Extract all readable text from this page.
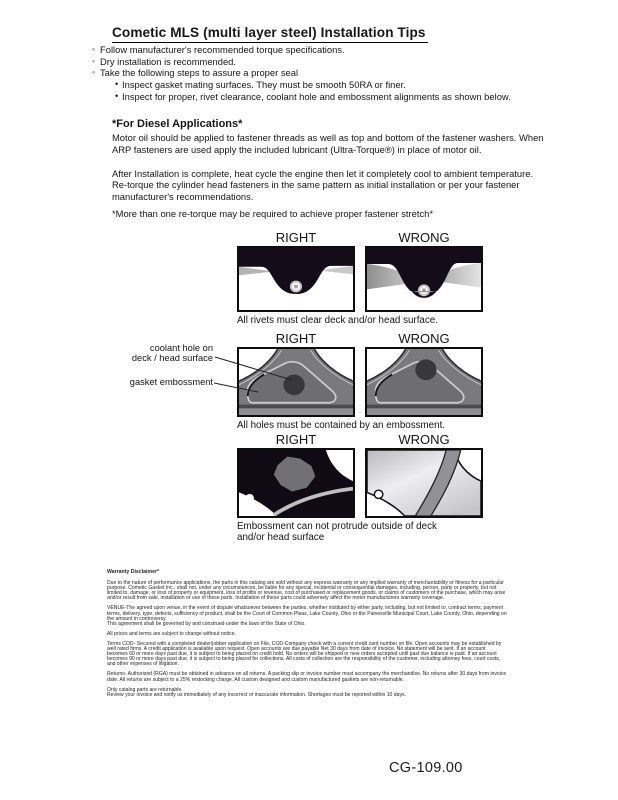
Cometic MLS (multi layer steel) Installation Tips
◦ Follow manufacturer's recommended torque specifications.
◦ Dry installation is recommended.
◦ Take the following steps to assure a proper seal
• Inspect gasket mating surfaces. They must be smooth 50RA or finer.
• Inspect for proper, rivet clearance, coolant hole and embossment alignments as shown below.
*For Diesel Applications*

Motor oil should be applied to fastener threads as well as top and bottom of the fastener washers. When ARP fasteners are used apply the included lubricant (Ultra-Torque®) in place of motor oil.

After Installation is complete, heat cycle the engine then let it completely cool to ambient temperature. Re-torque the cylinder head fasteners in the same pattern as initial installation or per your fastener manufacturer's recommendations.

*More than one re-torque may be required to achieve proper fastener stretch*
RIGHT	WRONG
All rivets must clear deck and/or head surface.
RIGHT	WRONG
All holes must be contained by an embossment.
coolant hole on
deck / head surface
gasket embossment
RIGHT	WRONG
Embossment can not protrude outside of deck and/or head surface
Warranty Disclaimer*

Due to the nature of performance applications, the parts in this catalog are sold without any express warranty or any implied warranty of merchantability or fitness for a particular purpose. Cometic Gasket Inc., shall not, under any circumstances, be liable for any special, incidental or consequential damages, including, person, party or property, but not limited to, damage, or loss of property or equipment, loss of profits or revenue, cost of purchased or replacement goods, or claims of customers of the purchase, which may arise and/or result from sale, installation or use of these parts. Installation of these parts could adversely affect the motor manufacturers warranty coverage.

VENUE-The agreed upon venue, in the event of dispute whatsoever between the parties, whether instituted by either party, including, but not limited to, contract terms, payment terms, delivery, type, defects, sufficiency of product, shall be the Court of Common Pleas, Lake County, Ohio or the Painesville Municipal Court, Lake County, Ohio, depending on the amount in controversy.

This agreement shall be governed by and construed under the laws of the State of Ohio.

All prices and terms are subject to change without notice.

Terms COD- Secured with a completed dealer/jobber application on File, COD-Company check with a current credit card number on file. Open accounts may be established by well rated firms. A credit application is available upon request. Open accounts are due payable Net 30 days from date of invoice. No statement will be sent. If an account becomes 60 or more days past due, it is subject to being placed on credit hold. No orders will be shipped or new orders accepted until past due balance is paid. If an account becomes 90 or more days past due, it is subject to being placed for collections. All costs of collection are the responsibility of the customer, including attorney fees, court costs, and other expenses of litigation.

Returns- Authorized (RGA) must be obtained in advance on all returns. A packing slip or invoice number must accompany the merchandise. No returns after 30 days from invoice date. All returns are subject to a 25% restocking charge. All custom designed and custom manufactured gaskets are non-returnable.

Only catalog parts are returnable.

Review your invoice and notify us immediately of any incorrect or inaccurate information. Shortages must be reported within 10 days.

CG-109.00
